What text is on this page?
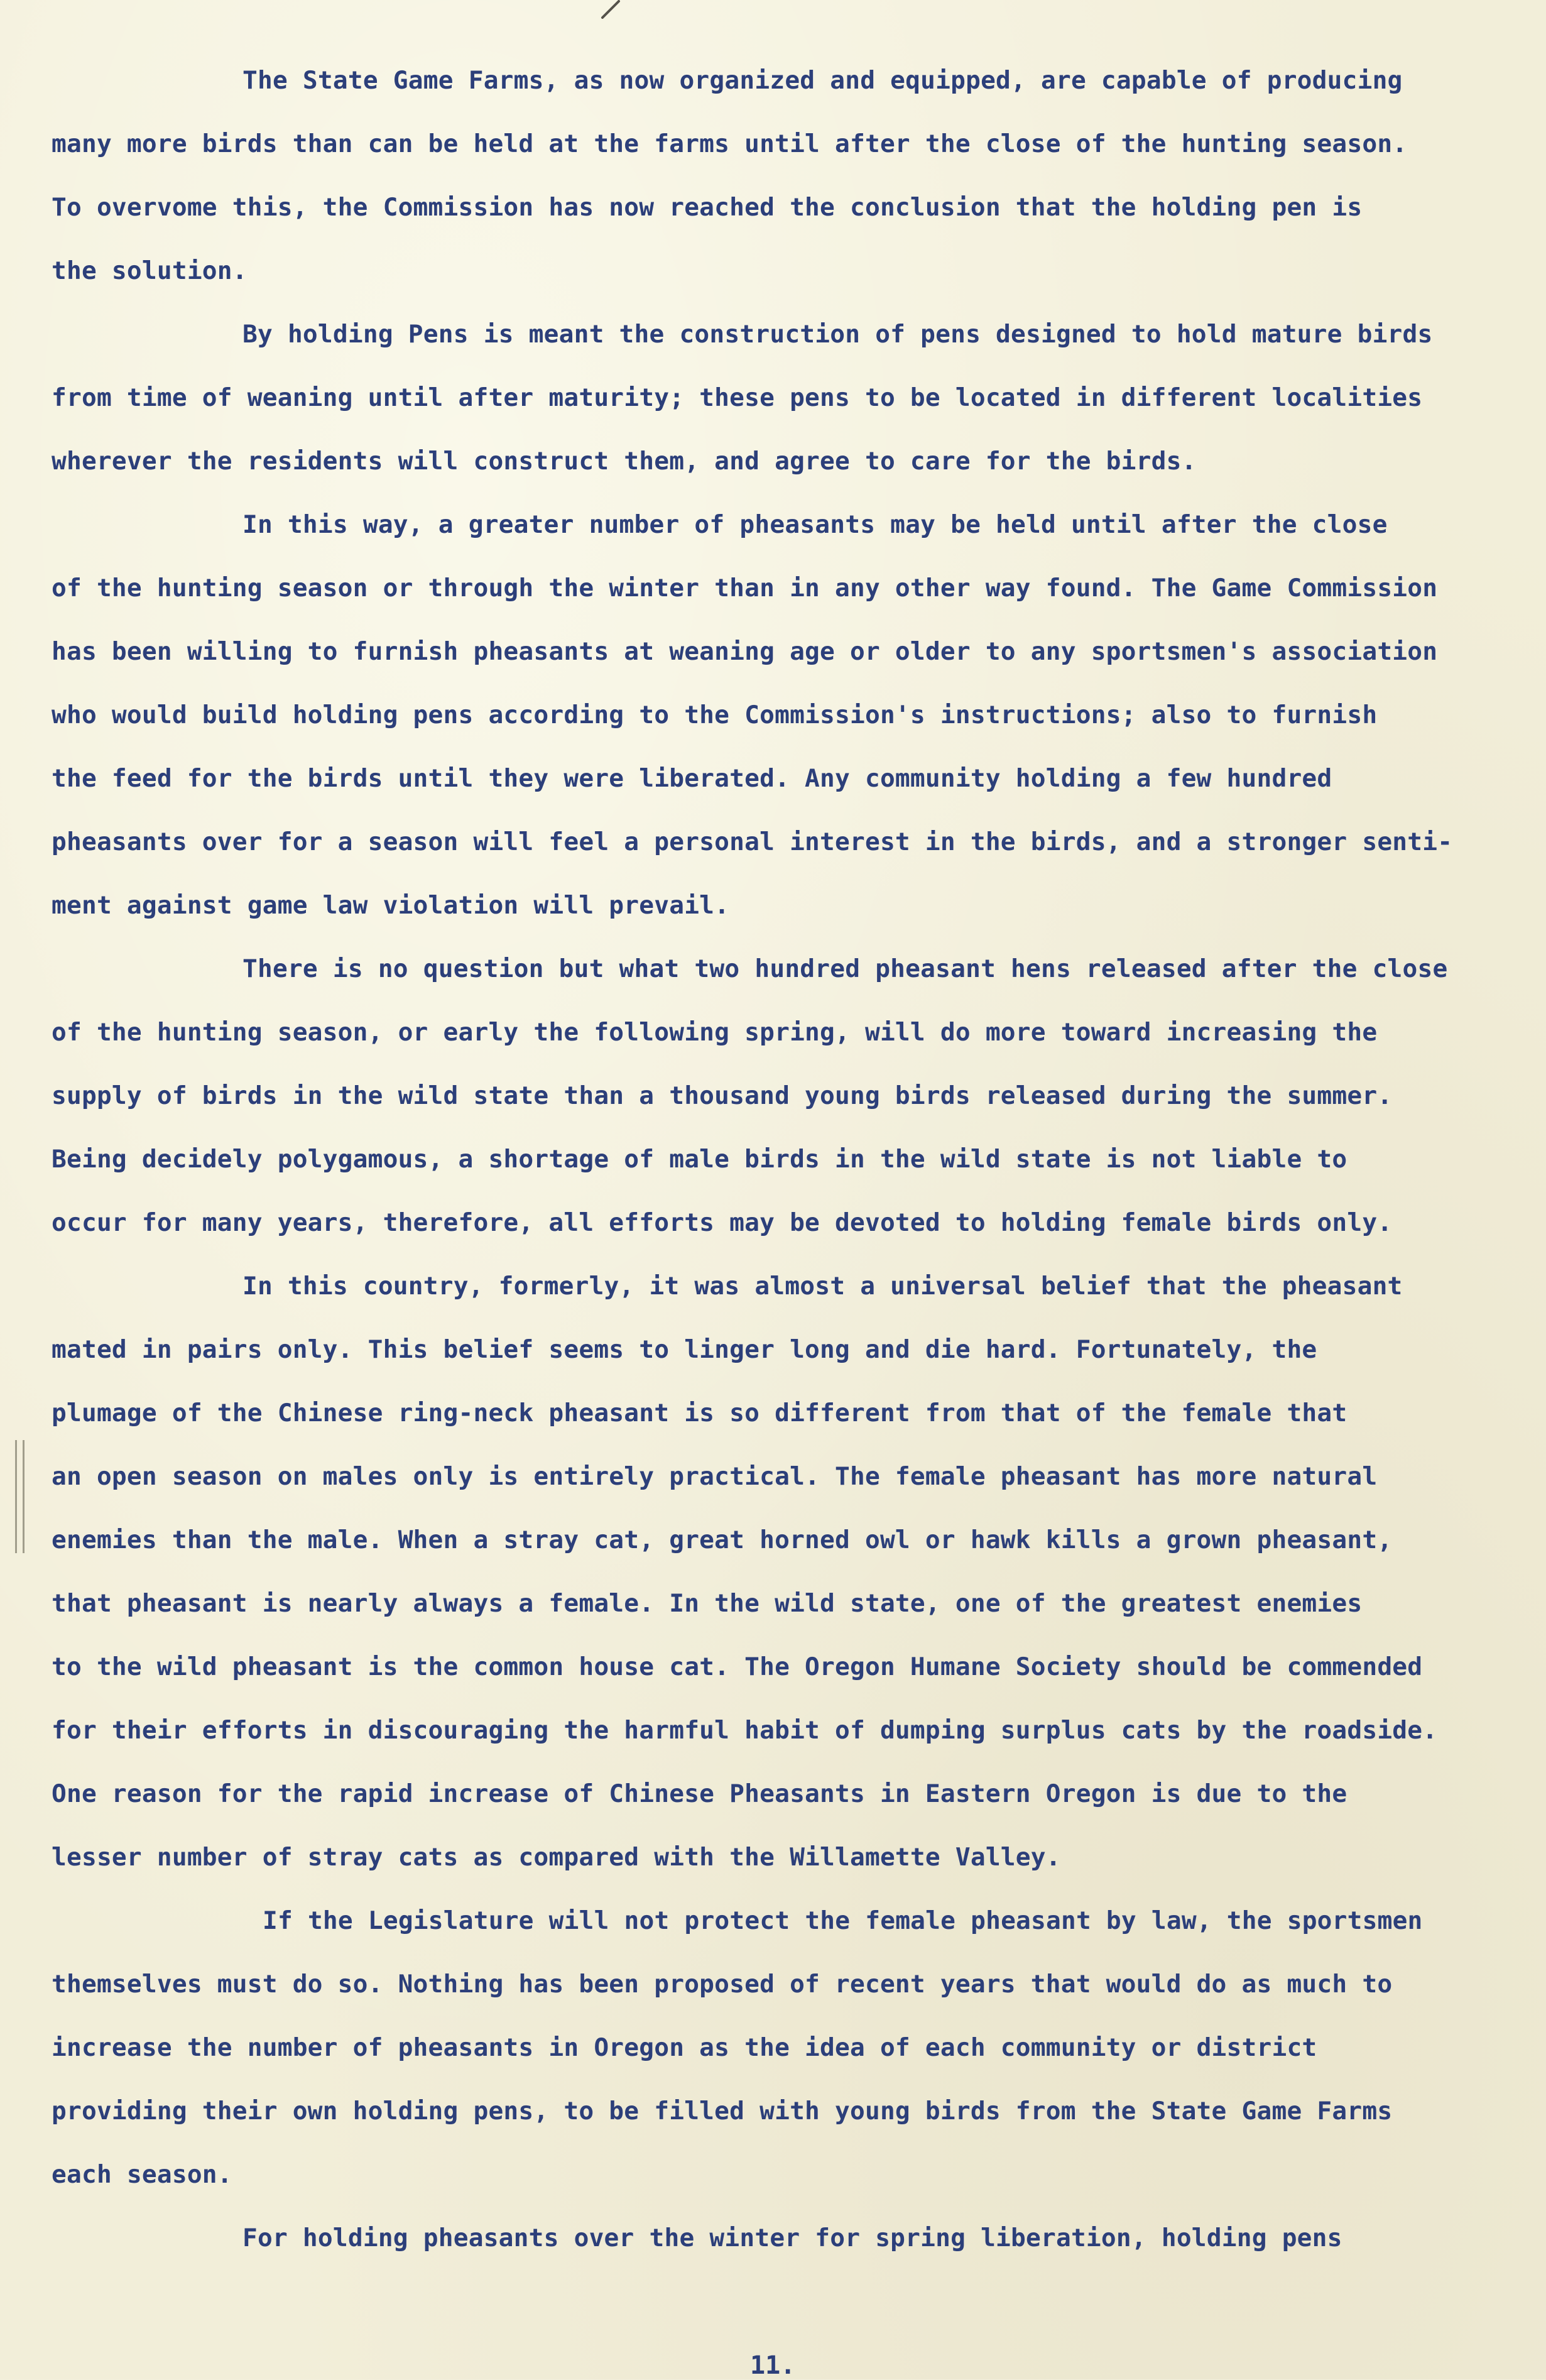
The State Game Farms, as now organized and equipped, are capable of producing
many more birds than can be held at the farms until after the close of the hunting season.
To overvome this, the Commission has now reached the conclusion that the holding pen is
the solution.

By holding Pens is meant the construction of pens designed to hold mature birds
from time of weaning until after maturity; these pens to be located in different localities
wherever the residents will construct them, and agree to care for the birds.

In this way, a greater number of pheasants may be held until after the close
of the hunting season or through the winter than in any other way found. The Game Commission
has been willing to furnish pheasants at weaning age or older to any sportsmen's association
who would build holding pens according to the Commission's instructions; also to furnish
the feed for the birds until they were liberated. Any community holding a few hundred
pheasants over for a season will feel a personal interest in the birds, and a stronger senti-
ment against game law violation will prevail.

There is no question but what two hundred pheasant hens released after the close
of the hunting season, or early the following spring, will do more toward increasing the
supply of birds in the wild state than a thousand young birds released during the summer.
Being decidely polygamous, a shortage of male birds in the wild state is not liable to
occur for many years, therefore, all efforts may be devoted to holding female birds only.

In this country, formerly, it was almost a universal belief that the pheasant
mated in pairs only. This belief seems to linger long and die hard. Fortunately, the
plumage of the Chinese ring-neck pheasant is so different from that of the female that
an open season on males only is entirely practical. The female pheasant has more natural
enemies than the male. When a stray cat, great horned owl or hawk kills a grown pheasant,
that pheasant is nearly always a female. In the wild state, one of the greatest enemies
to the wild pheasant is the common house cat. The Oregon Humane Society should be commended
for their efforts in discouraging the harmful habit of dumping surplus cats by the roadside.
One reason for the rapid increase of Chinese Pheasants in Eastern Oregon is due to the
lesser number of stray cats as compared with the Willamette Valley.

If the Legislature will not protect the female pheasant by law, the sportsmen
themselves must do so. Nothing has been proposed of recent years that would do as much to
increase the number of pheasants in Oregon as the idea of each community or district
providing their own holding pens, to be filled with young birds from the State Game Farms
each season.

For holding pheasants over the winter for spring liberation, holding pens

11.
